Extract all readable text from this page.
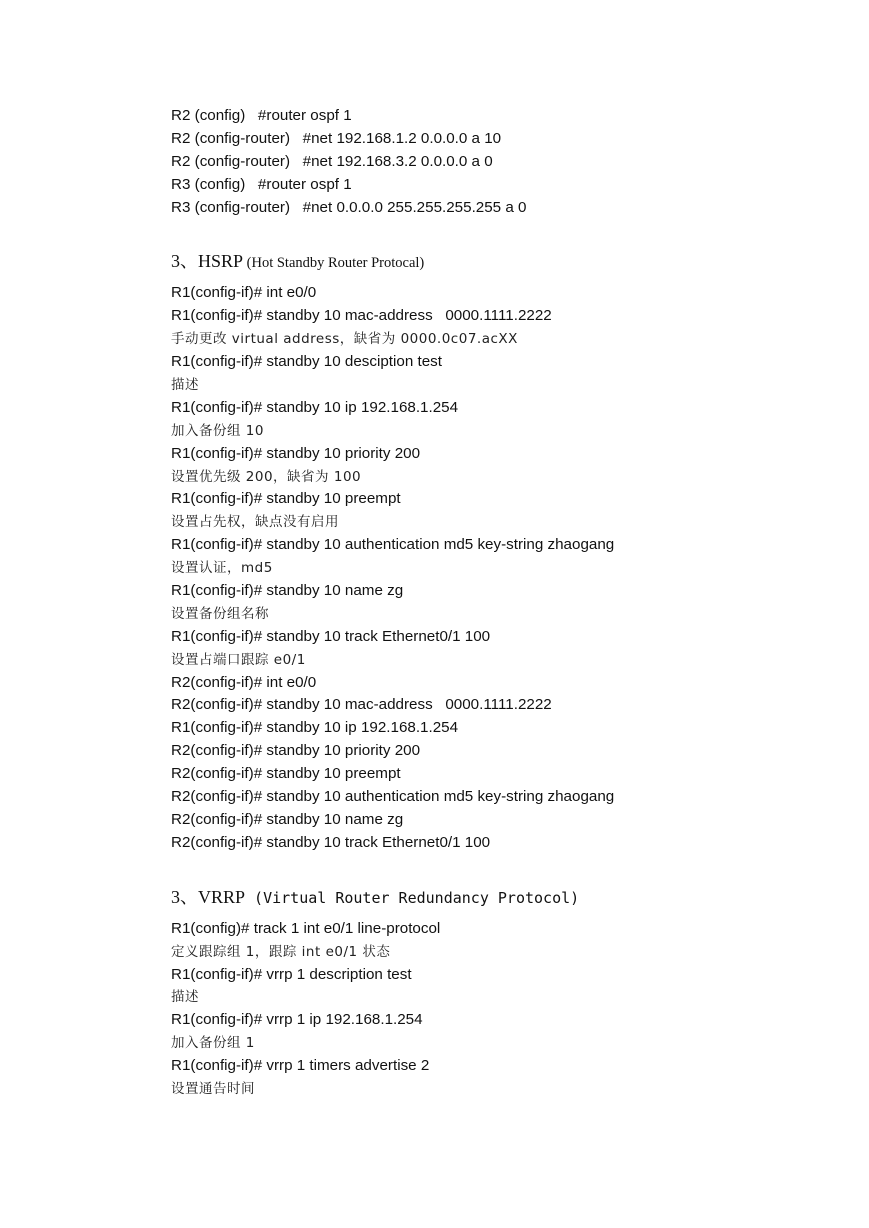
R2 (config)   #router ospf 1
R2 (config-router)   #net 192.168.1.2 0.0.0.0 a 10
R2 (config-router)   #net 192.168.3.2 0.0.0.0 a 0
R3 (config)   #router ospf 1
R3 (config-router)   #net 0.0.0.0 255.255.255.255 a 0
3、HSRP (Hot Standby Router Protocal)
R1(config-if)# int e0/0
R1(config-if)# standby 10 mac-address   0000.1111.2222
手动更改 virtual address，缺省为 0000.0c07.acXX
R1(config-if)# standby 10 desciption test
描述
R1(config-if)# standby 10 ip 192.168.1.254
加入备份组 10
R1(config-if)# standby 10 priority 200
设置优先级 200，缺省为 100
R1(config-if)# standby 10 preempt
设置占先权，缺点没有启用
R1(config-if)# standby 10 authentication md5 key-string zhaogang
设置认证，md5
R1(config-if)# standby 10 name zg
设置备份组名称
R1(config-if)# standby 10 track Ethernet0/1 100
设置占端口跟踪 e0/1
R2(config-if)# int e0/0
R2(config-if)# standby 10 mac-address   0000.1111.2222
R1(config-if)# standby 10 ip 192.168.1.254
R2(config-if)# standby 10 priority 200
R2(config-if)# standby 10 preempt
R2(config-if)# standby 10 authentication md5 key-string zhaogang
R2(config-if)# standby 10 name zg
R2(config-if)# standby 10 track Ethernet0/1 100
3、VRRP (Virtual Router Redundancy Protocol)
R1(config)# track 1 int e0/1 line-protocol
定义跟踪组 1，跟踪 int e0/1 状态
R1(config-if)# vrrp 1 description test
描述
R1(config-if)# vrrp 1 ip 192.168.1.254
加入备份组 1
R1(config-if)# vrrp 1 timers advertise 2
设置通告时间
